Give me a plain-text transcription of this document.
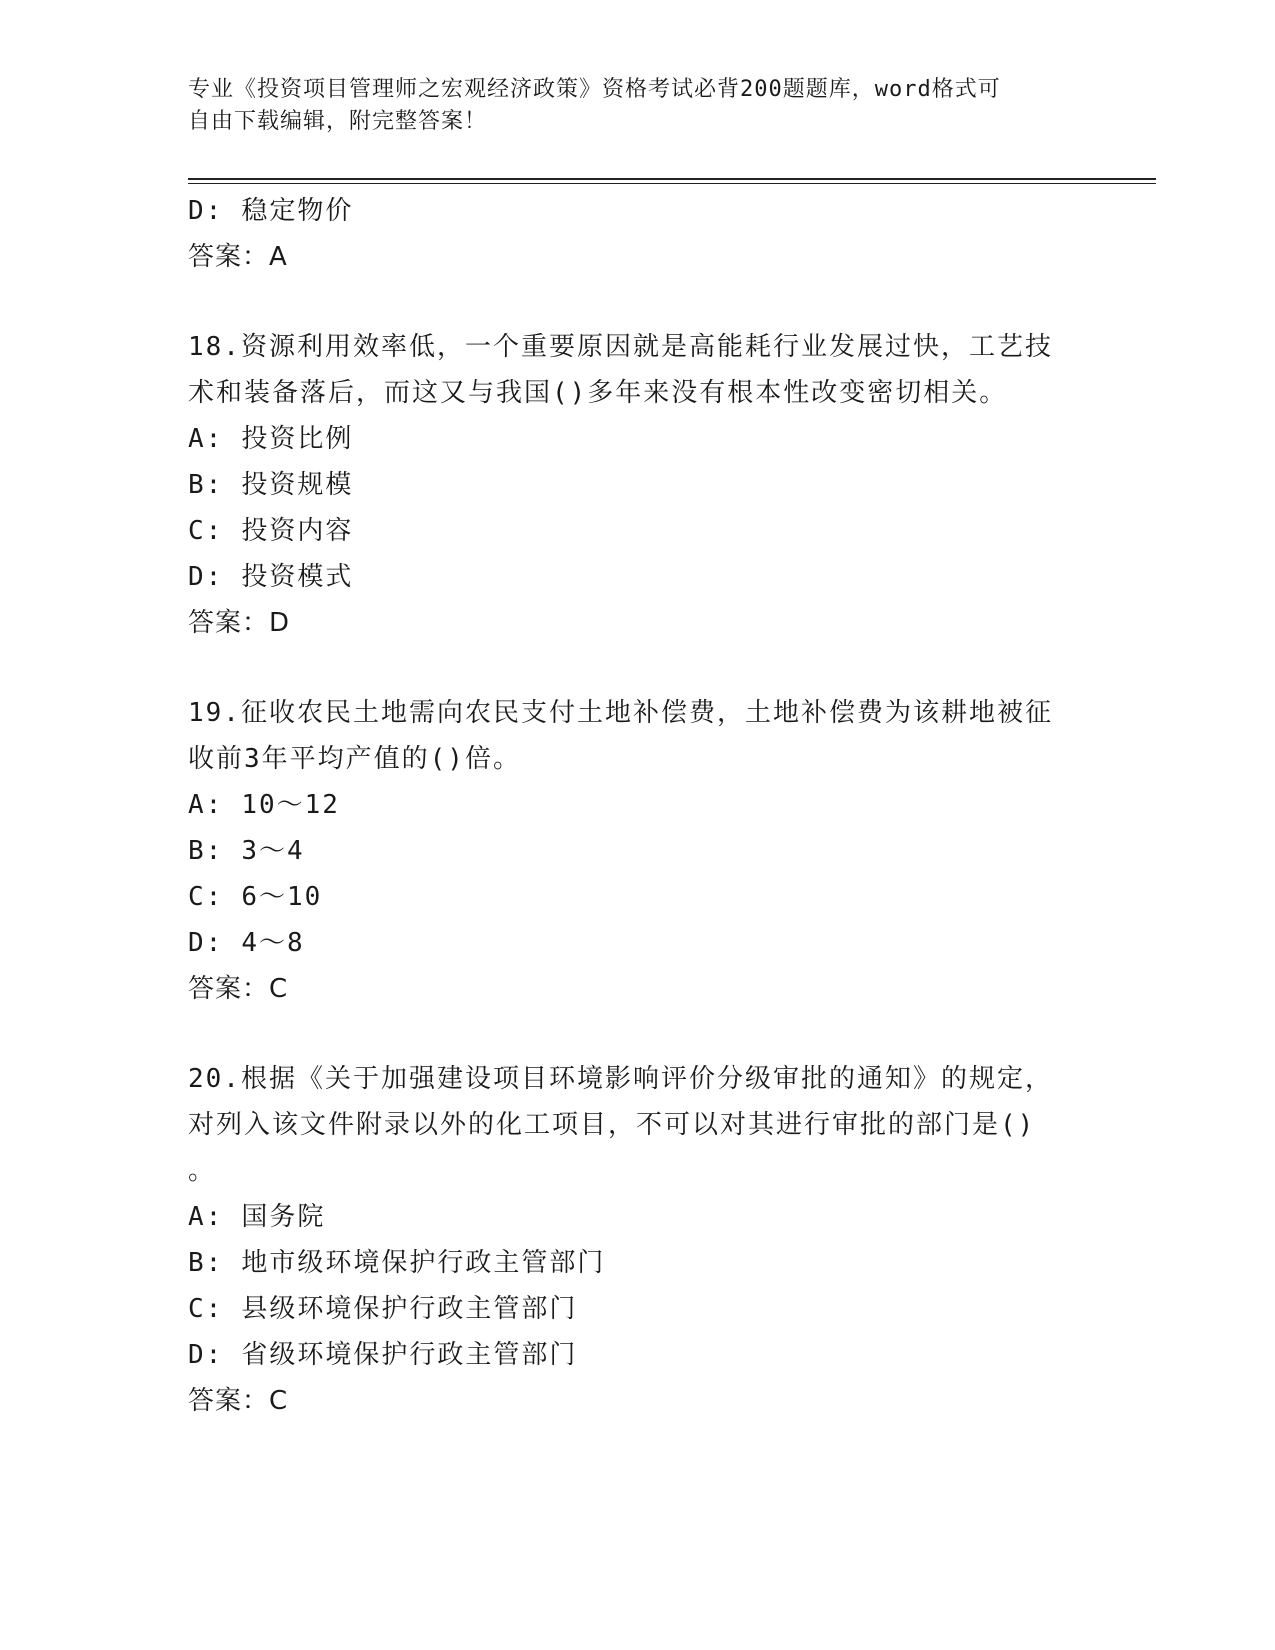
专业《投资项目管理师之宏观经济政策》资格考试必背200题题库，word格式可
自由下载编辑，附完整答案！
D: 稳定物价
答案：A
18.资源利用效率低，一个重要原因就是高能耗行业发展过快，工艺技
术和装备落后，而这又与我国()多年来没有根本性改变密切相关。
A: 投资比例
B: 投资规模
C: 投资内容
D: 投资模式
答案：D
19.征收农民土地需向农民支付土地补偿费，土地补偿费为该耕地被征
收前3年平均产值的()倍。
A: 10～12
B: 3～4
C: 6～10
D: 4～8
答案：C
20.根据《关于加强建设项目环境影响评价分级审批的通知》的规定，
对列入该文件附录以外的化工项目，不可以对其进行审批的部门是()
。
A: 国务院
B: 地市级环境保护行政主管部门
C: 县级环境保护行政主管部门
D: 省级环境保护行政主管部门
答案：C
